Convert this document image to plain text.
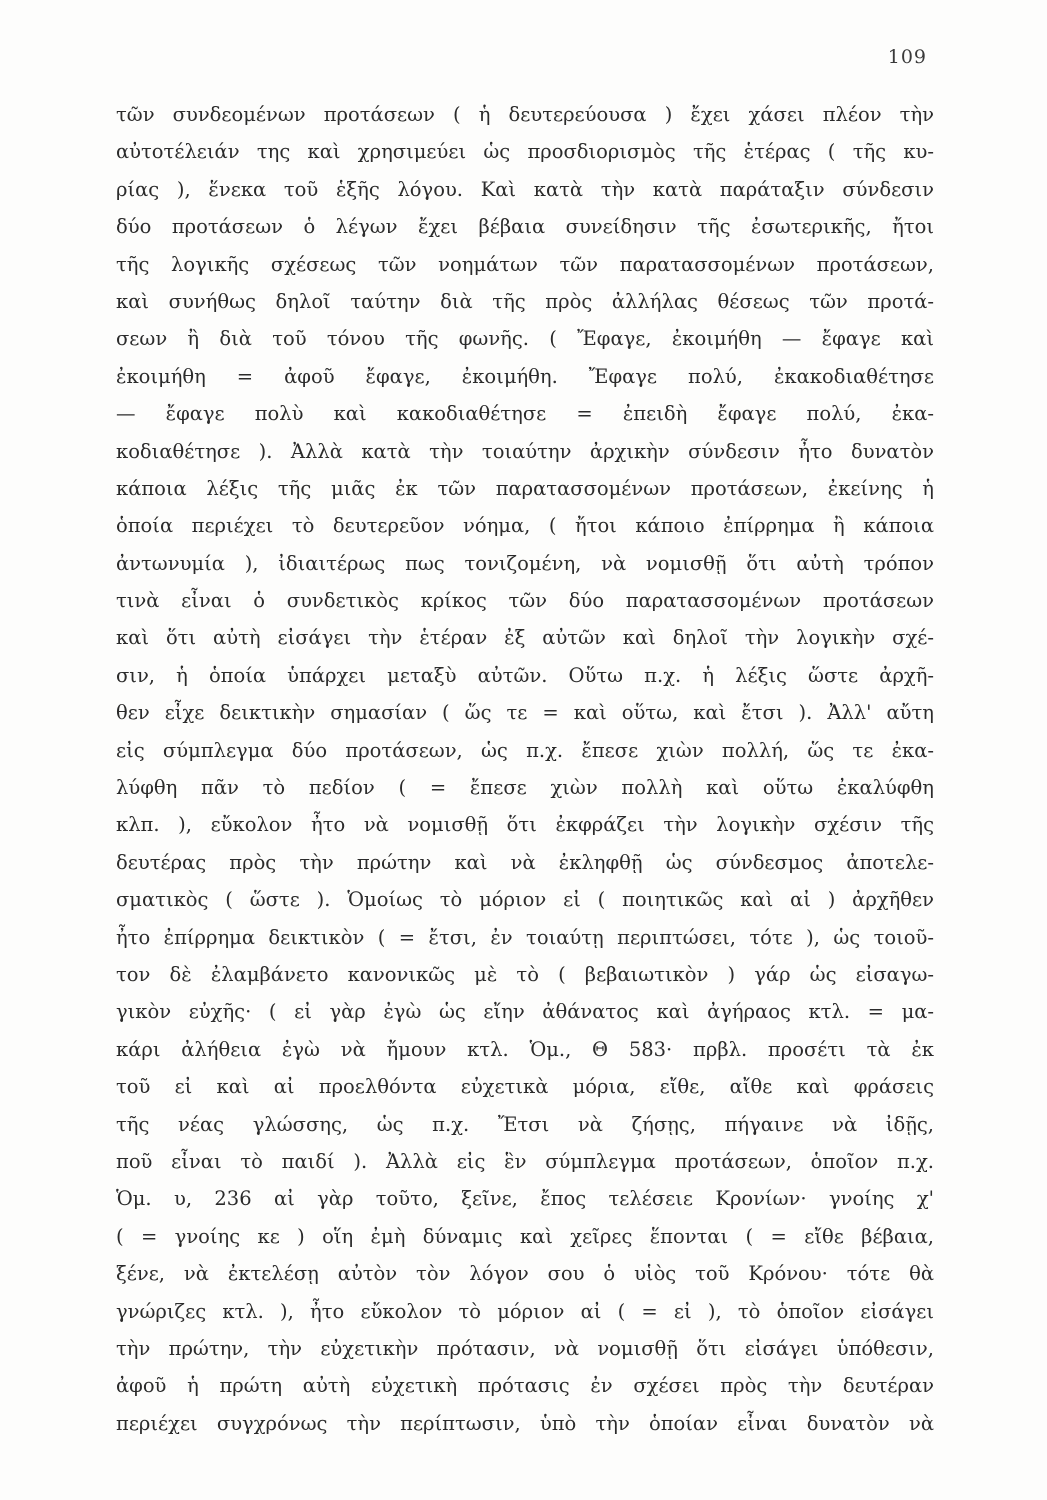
109
τῶν συνδεομένων προτάσεων ( ἡ δευτερεύουσα ) ἔχει χάσει πλέον τὴν
αὐτοτέλειάν της καὶ χρησιμεύει ὡς προσδιορισμὸς τῆς ἑτέρας ( τῆς κυ-
ρίας ), ἕνεκα τοῦ ἑξῆς λόγου. Καὶ κατὰ τὴν κατὰ παράταξιν σύνδεσιν
δύο προτάσεων ὁ λέγων ἔχει βέβαια συνείδησιν τῆς ἐσωτερικῆς, ἤτοι
τῆς λογικῆς σχέσεως τῶν νοημάτων τῶν παρατασσομένων προτάσεων,
καὶ συνήθως δηλοῖ ταύτην διὰ τῆς πρὸς ἀλλήλας θέσεως τῶν προτά-
σεων ἢ διὰ τοῦ τόνου τῆς φωνῆς. ( Ἔφαγε, ἐκοιμήθη — ἔφαγε καὶ
ἐκοιμήθη = ἀφοῦ ἔφαγε, ἐκοιμήθη. Ἔφαγε πολύ, ἐκακοδιαθέτησε
— ἔφαγε πολὺ καὶ κακοδιαθέτησε = ἐπειδὴ ἔφαγε πολύ, ἐκα-
κοδιαθέτησε ). Ἀλλὰ κατὰ τὴν τοιαύτην ἀρχικὴν σύνδεσιν ἦτο δυνατὸν
κάποια λέξις τῆς μιᾶς ἐκ τῶν παρατασσομένων προτάσεων, ἐκείνης ἡ
ὁποία περιέχει τὸ δευτερεῦον νόημα, ( ἤτοι κάποιο ἐπίρρημα ἢ κάποια
ἀντωνυμία ), ἰδιαιτέρως πως τονιζομένη, νὰ νομισθῇ ὅτι αὐτὴ τρόπον
τινὰ εἶναι ὁ συνδετικὸς κρίκος τῶν δύο παρατασσομένων προτάσεων
καὶ ὅτι αὐτὴ εἰσάγει τὴν ἑτέραν ἐξ αὐτῶν καὶ δηλοῖ τὴν λογικὴν σχέ-
σιν, ἡ ὁποία ὑπάρχει μεταξὺ αὐτῶν. Οὕτω π.χ. ἡ λέξις ὥστε ἀρχῆ-
θεν εἶχε δεικτικὴν σημασίαν ( ὥς τε = καὶ οὕτω, καὶ ἔτσι ). Ἀλλ' αὔτη
εἰς σύμπλεγμα δύο προτάσεων, ὡς π.χ. ἔπεσε χιὼν πολλή, ὥς τε ἐκα-
λύφθη πᾶν τὸ πεδίον ( = ἔπεσε χιὼν πολλὴ καὶ οὕτω ἐκαλύφθη
κλπ. ), εὔκολον ἦτο νὰ νομισθῇ ὅτι ἐκφράζει τὴν λογικὴν σχέσιν τῆς
δευτέρας πρὸς τὴν πρώτην καὶ νὰ ἐκληφθῇ ὡς σύνδεσμος ἀποτελε-
σματικὸς ( ὥστε ). Ὁμοίως τὸ μόριον εἰ ( ποιητικῶς καὶ αἰ ) ἀρχῆθεν
ἦτο ἐπίρρημα δεικτικὸν ( = ἔτσι, ἐν τοιαύτῃ περιπτώσει, τότε ), ὡς τοιοῦ-
τον δὲ ἐλαμβάνετο κανονικῶς μὲ τὸ ( βεβαιωτικὸν ) γάρ ὡς εἰσαγω-
γικὸν εὐχῆς· ( εἰ γὰρ ἐγὼ ὡς εἴην ἀθάνατος καὶ ἀγήραος κτλ. = μα-
κάρι ἀλήθεια ἐγὼ νὰ ἤμουν κτλ. Ὁμ., Θ 583· πρβλ. προσέτι τὰ ἐκ
τοῦ εἰ καὶ αἰ προελθόντα εὐχετικὰ μόρια, εἴθε, αἴθε καὶ φράσεις
τῆς νέας γλώσσης, ὡς π.χ. Ἔτσι νὰ ζήσῃς, πήγαινε νὰ ἰδῇς,
ποῦ εἶναι τὸ παιδί ). Ἀλλὰ εἰς ἓν σύμπλεγμα προτάσεων, ὁποῖον π.χ.
Ὁμ. υ, 236 αἰ γὰρ τοῦτο, ξεῖνε, ἔπος τελέσειε Κρονίων· γνοίης χ'
( = γνοίης κε ) οἵη ἐμὴ δύναμις καὶ χεῖρες ἕπονται ( = εἴθε βέβαια,
ξένε, νὰ ἐκτελέσῃ αὐτὸν τὸν λόγον σου ὁ υἱὸς τοῦ Κρόνου· τότε θὰ
γνώριζες κτλ. ), ἦτο εὔκολον τὸ μόριον αἰ ( = εἰ ), τὸ ὁποῖον εἰσάγει
τὴν πρώτην, τὴν εὐχετικὴν πρότασιν, νὰ νομισθῇ ὅτι εἰσάγει ὑπόθεσιν,
ἀφοῦ ἡ πρώτη αὐτὴ εὐχετικὴ πρότασις ἐν σχέσει πρὸς τὴν δευτέραν
περιέχει συγχρόνως τὴν περίπτωσιν, ὑπὸ τὴν ὁποίαν εἶναι δυνατὸν νὰ
